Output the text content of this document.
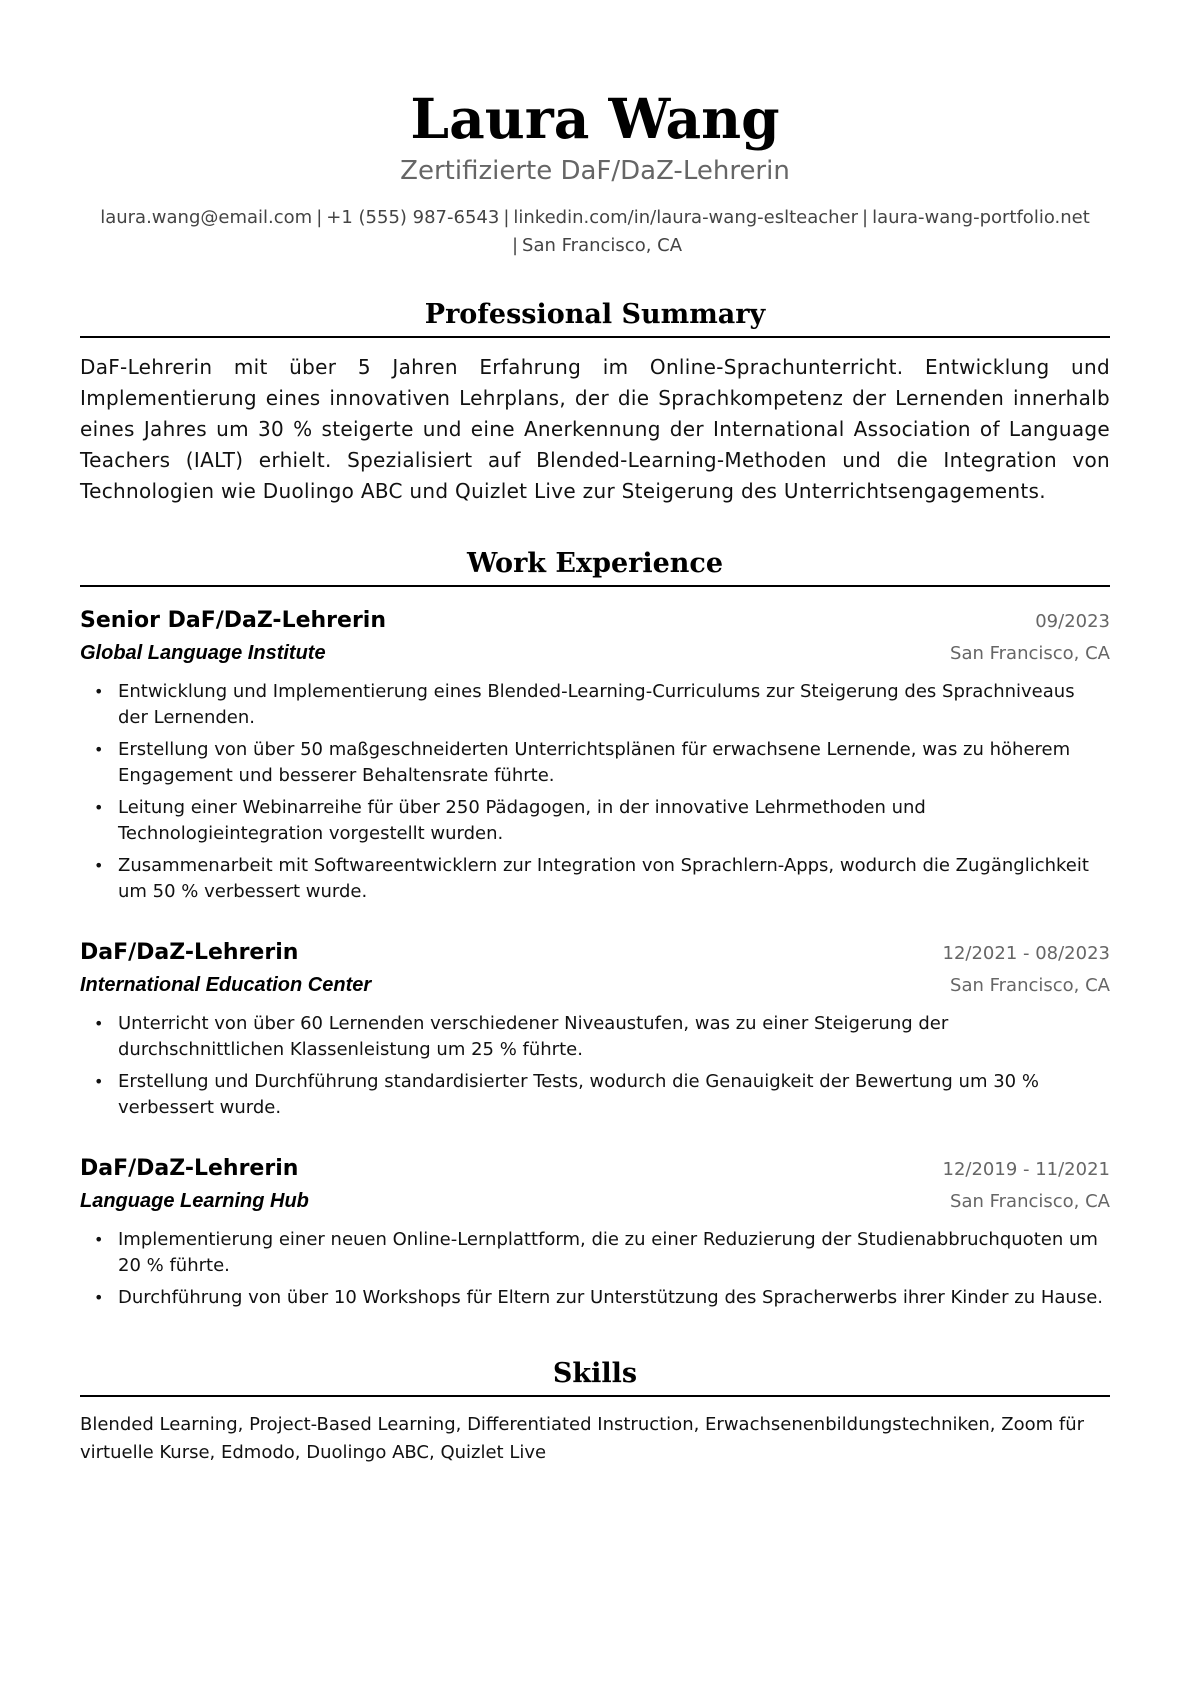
Laura Wang
Zertifizierte DaF/DaZ-Lehrerin
laura.wang@email.com | +1 (555) 987-6543 | linkedin.com/in/laura-wang-eslteacher | laura-wang-portfolio.net
| San Francisco, CA
Professional Summary

DaF-Lehrerin mit über 5 Jahren Erfahrung im Online-Sprachunterricht. Entwicklung und Implementierung eines innovativen Lehrplans, der die Sprachkompetenz der Lernenden innerhalb eines Jahres um 30 % steigerte und eine Anerkennung der International Association of Language Teachers (IALT) erhielt. Spezialisiert auf Blended-Learning-Methoden und die Integration von Technologien wie Duolingo ABC und Quizlet Live zur Steigerung des Unterrichtsengagements.

Work Experience
Senior DaF/DaZ-Lehrerin	09/2023
Global Language Institute	San Francisco, CA
• Entwicklung und Implementierung eines Blended-Learning-Curriculums zur Steigerung des Sprachniveaus der Lernenden.
• Erstellung von über 50 maßgeschneiderten Unterrichtsplänen für erwachsene Lernende, was zu höherem Engagement und besserer Behaltensrate führte.
• Leitung einer Webinarreihe für über 250 Pädagogen, in der innovative Lehrmethoden und Technologieintegration vorgestellt wurden.
• Zusammenarbeit mit Softwareentwicklern zur Integration von Sprachlern-Apps, wodurch die Zugänglichkeit um 50 % verbessert wurde.
DaF/DaZ-Lehrerin	12/2021 - 08/2023
International Education Center	San Francisco, CA
• Unterricht von über 60 Lernenden verschiedener Niveaustufen, was zu einer Steigerung der durchschnittlichen Klassenleistung um 25 % führte.
• Erstellung und Durchführung standardisierter Tests, wodurch die Genauigkeit der Bewertung um 30 % verbessert wurde.
DaF/DaZ-Lehrerin	12/2019 - 11/2021
Language Learning Hub	San Francisco, CA
• Implementierung einer neuen Online-Lernplattform, die zu einer Reduzierung der Studienabbruchquoten um 20 % führte.
• Durchführung von über 10 Workshops für Eltern zur Unterstützung des Spracherwerbs ihrer Kinder zu Hause.
Skills

Blended Learning, Project-Based Learning, Differentiated Instruction, Erwachsenenbildungstechniken, Zoom für virtuelle Kurse, Edmodo, Duolingo ABC, Quizlet Live
